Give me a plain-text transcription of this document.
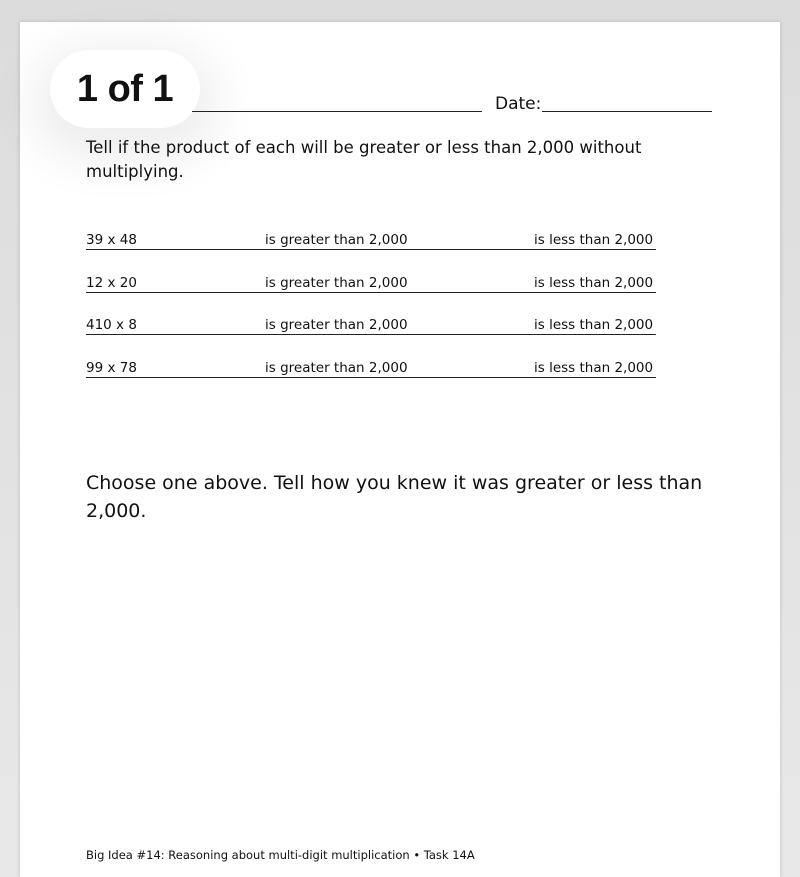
1 of 1	Date:
Tell if the product of each will be greater or less than 2,000 without multiplying.
39 x 48	is greater than 2,000	is less than 2,000
12 x 20	is greater than 2,000	is less than 2,000
410 x 8	is greater than 2,000	is less than 2,000
99 x 78	is greater than 2,000	is less than 2,000
Choose one above. Tell how you knew it was greater or less than 2,000.
Big Idea #14: Reasoning about multi-digit multiplication • Task 14A
